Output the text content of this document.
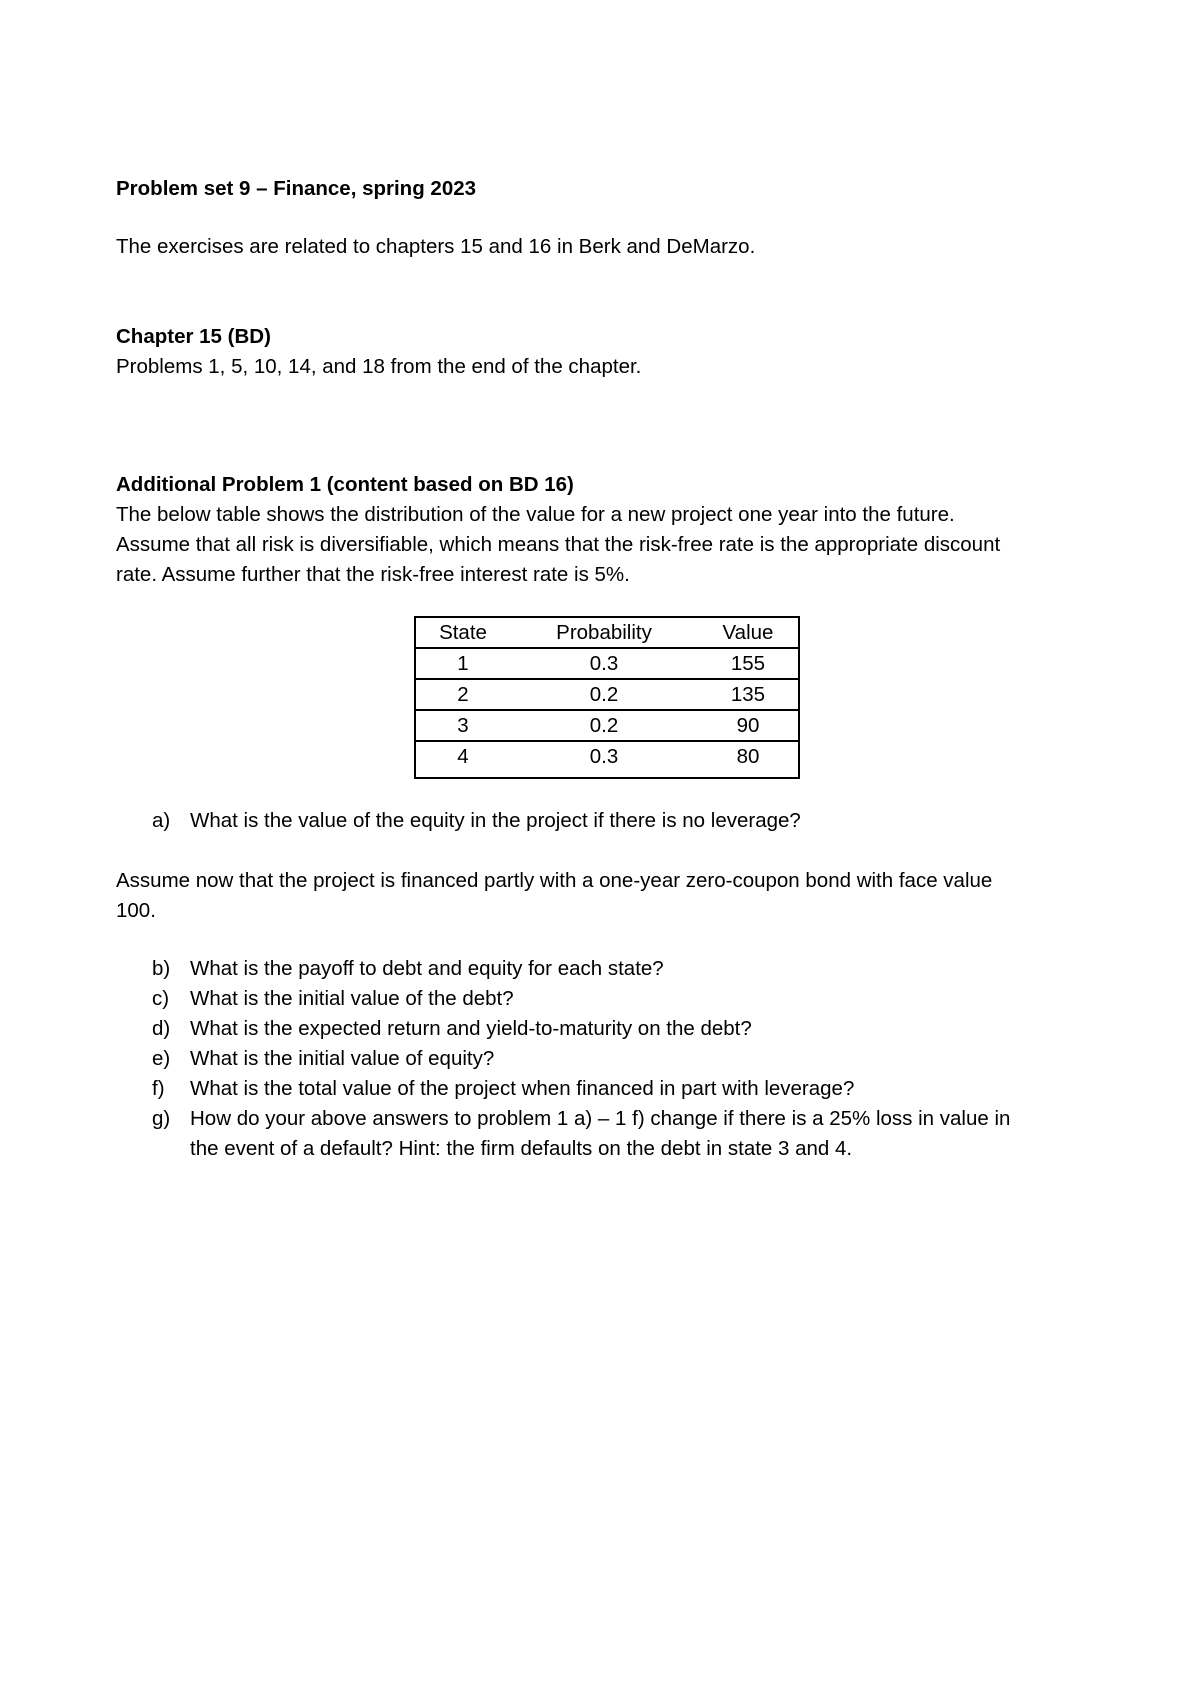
Problem set 9 – Finance, spring 2023
The exercises are related to chapters 15 and 16 in Berk and DeMarzo.
Chapter 15 (BD)
Problems 1, 5, 10, 14, and 18 from the end of the chapter.
Additional Problem 1 (content based on BD 16)
The below table shows the distribution of the value for a new project one year into the future.
Assume that all risk is diversifiable, which means that the risk-free rate is the appropriate discount
rate. Assume further that the risk-free interest rate is 5%.
State	Probability	Value
1	0.3	155
2	0.2	135
3	0.2	90
4	0.3	80
a) What is the value of the equity in the project if there is no leverage?
Assume now that the project is financed partly with a one-year zero-coupon bond with face value
100.
b) What is the payoff to debt and equity for each state?
c) What is the initial value of the debt?
d) What is the expected return and yield-to-maturity on the debt?
e) What is the initial value of equity?
f) What is the total value of the project when financed in part with leverage?
g) How do your above answers to problem 1 a) – 1 f) change if there is a 25% loss in value in
the event of a default? Hint: the firm defaults on the debt in state 3 and 4.
